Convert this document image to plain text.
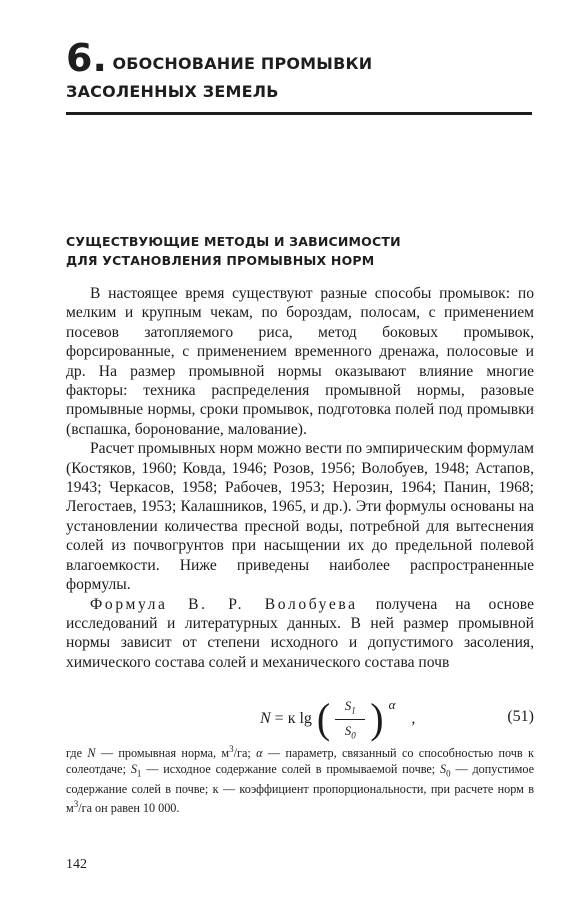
6. ОБОСНОВАНИЕ ПРОМЫВКИ
ЗАСОЛЕННЫХ ЗЕМЕЛЬ
СУЩЕСТВУЮЩИЕ МЕТОДЫ И ЗАВИСИМОСТИ
ДЛЯ УСТАНОВЛЕНИЯ ПРОМЫВНЫХ НОРМ

В настоящее время существуют разные способы промывок: по мелким и крупным чекам, по бороздам, полосам, с применением посевов затопляемого риса, метод боковых промывок, форсированные, с применением временного дренажа, полосовые и др. На размер промывной нормы оказывают влияние многие факторы: техника распределения промывной нормы, разовые промывные нормы, сроки промывок, подготовка полей под промывки (вспашка, боронование, малование).

Расчет промывных норм можно вести по эмпирическим формулам (Костяков, 1960; Ковда, 1946; Розов, 1956; Волобуев, 1948; Астапов, 1943; Черкасов, 1958; Рабочев, 1953; Нерозин, 1964; Панин, 1968; Легостаев, 1953; Калашников, 1965, и др.). Эти формулы основаны на установлении количества пресной воды, потребной для вытеснения солей из почвогрунтов при насыщении их до предельной полевой влагоемкости. Ниже приведены наиболее распространенные формулы.

Формула В. Р. Волобуева получена на основе исследований и литературных данных. В ней размер промывной нормы зависит от степени исходного и допустимого засоления, химического состава солей и механического состава почв

N = к lg ( $\frac{S_1}{S_0}$ ) α
,	(51)
где N — промывная норма, $м^3/га$; α — параметр, связанный со способностью почв к солеотдаче; $S_1$ — исходное содержание солей в промываемой почве; $S_0$ — допустимое содержание солей в почве; к — коэффициент пропорциональности, при расчете норм в $м^3/га$ он равен 10 000.
142
